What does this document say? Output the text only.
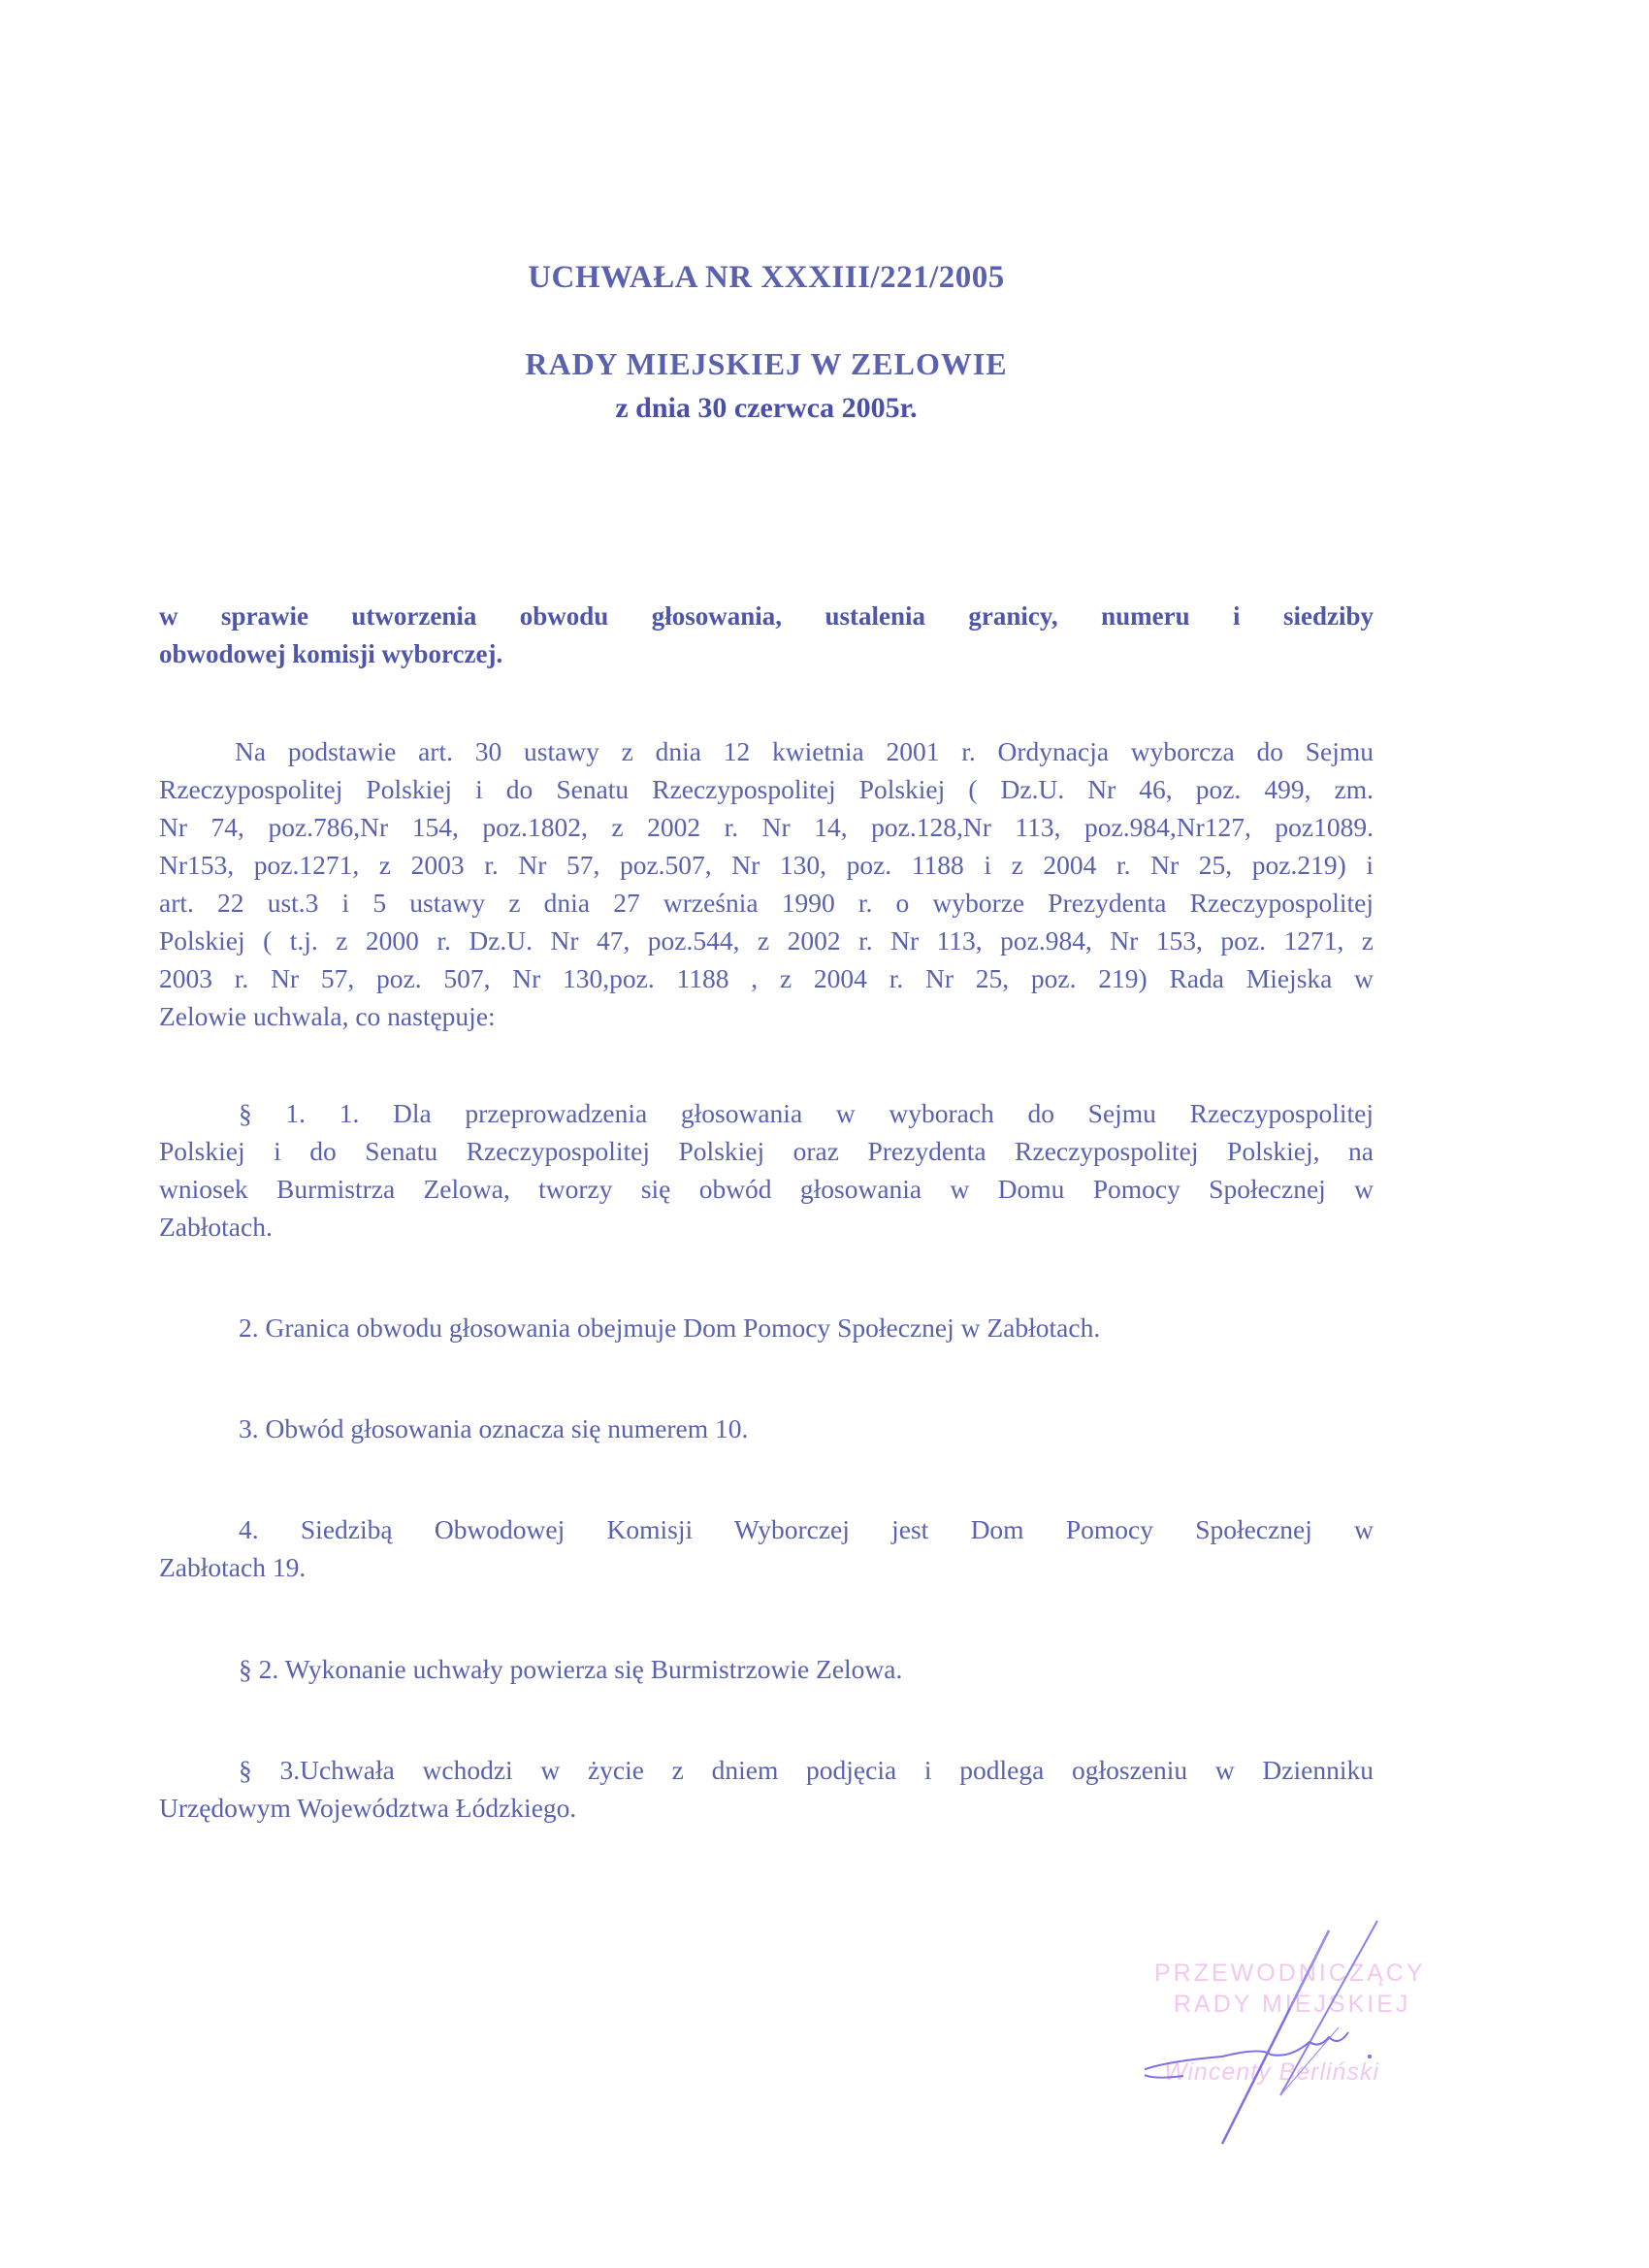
UCHWAŁA NR XXXIII/221/2005
RADY MIEJSKIEJ W ZELOWIE
z dnia 30 czerwca 2005r.
w sprawie utworzenia obwodu głosowania, ustalenia granicy, numeru i siedziby
obwodowej komisji wyborczej.
Na podstawie art. 30 ustawy z dnia 12 kwietnia 2001 r. Ordynacja wyborcza do Sejmu
Rzeczypospolitej Polskiej i do Senatu Rzeczypospolitej Polskiej ( Dz.U. Nr 46, poz. 499, zm.
Nr 74, poz.786,Nr 154, poz.1802, z 2002 r. Nr 14, poz.128,Nr 113, poz.984,Nr127, poz1089.
Nr153, poz.1271, z 2003 r. Nr 57, poz.507, Nr 130, poz. 1188 i z 2004 r. Nr 25, poz.219) i
art. 22 ust.3 i 5 ustawy z dnia 27 września 1990 r. o wyborze Prezydenta Rzeczypospolitej
Polskiej ( t.j. z 2000 r. Dz.U. Nr 47, poz.544, z 2002 r. Nr 113, poz.984, Nr 153, poz. 1271, z
2003 r. Nr 57, poz. 507, Nr 130,poz. 1188 , z 2004 r. Nr 25, poz. 219) Rada Miejska w
Zelowie uchwala, co następuje:
§ 1. 1. Dla przeprowadzenia głosowania w wyborach do Sejmu Rzeczypospolitej
Polskiej i do Senatu Rzeczypospolitej Polskiej oraz Prezydenta Rzeczypospolitej Polskiej, na
wniosek Burmistrza Zelowa, tworzy się obwód głosowania w Domu Pomocy Społecznej w
Zabłotach.
2. Granica obwodu głosowania obejmuje Dom Pomocy Społecznej w Zabłotach.
3. Obwód głosowania oznacza się numerem 10.
4. Siedzibą Obwodowej Komisji Wyborczej jest Dom Pomocy Społecznej w
Zabłotach 19.
§ 2. Wykonanie uchwały powierza się Burmistrzowie Zelowa.
§ 3.Uchwała wchodzi w życie z dniem podjęcia i podlega ogłoszeniu w Dzienniku
Urzędowym Województwa Łódzkiego.
PRZEWODNICZĄCY
RADY MIEJSKIEJ
Wincenty Berliński
